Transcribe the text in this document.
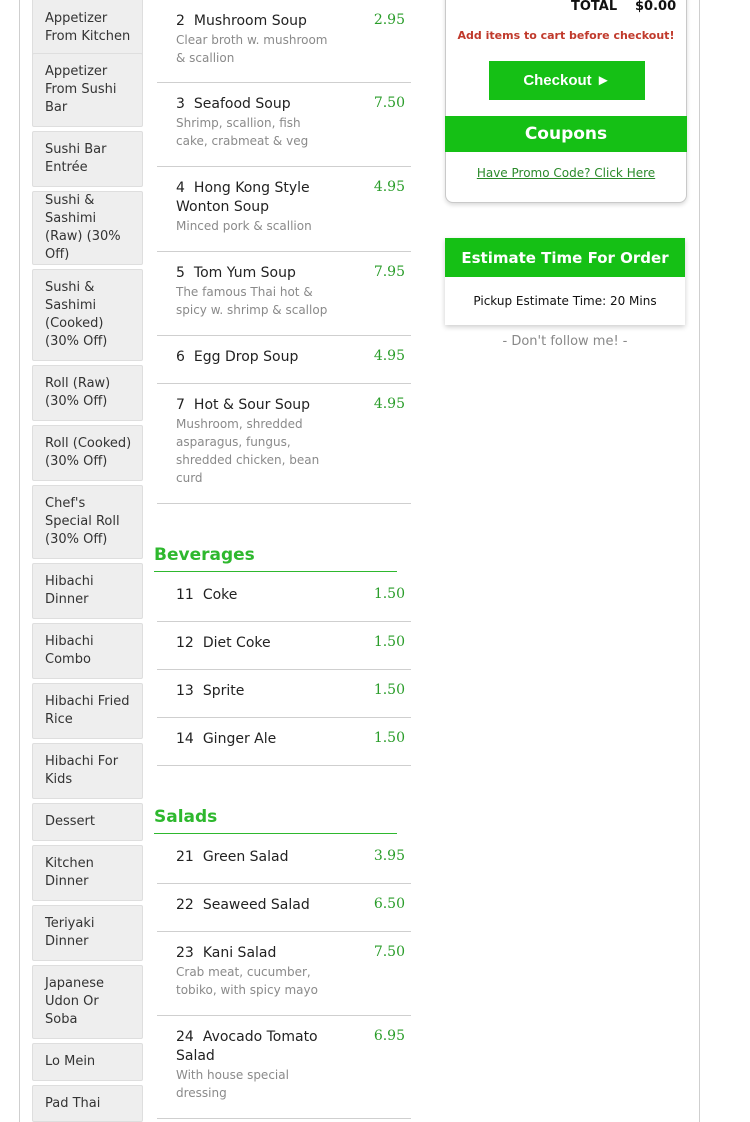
Appetizer From Kitchen
Appetizer From Sushi Bar
Sushi Bar Entrée
Sushi & Sashimi (Raw) (30% Off)
Sushi & Sashimi (Cooked) (30% Off)
Roll (Raw) (30% Off)
Roll (Cooked) (30% Off)
Chef's Special Roll (30% Off)
Hibachi Dinner
Hibachi Combo
Hibachi Fried Rice
Hibachi For Kids
Dessert
Kitchen Dinner
Teriyaki Dinner
Japanese Udon Or Soba
Lo Mein
Pad Thai
2 Mushroom Soup
Clear broth w. mushroom & scallion
2.95
3 Seafood Soup
Shrimp, scallion, fish cake, crabmeat & veg
7.50
4 Hong Kong Style Wonton Soup
Minced pork & scallion
4.95
5 Tom Yum Soup
The famous Thai hot & spicy w. shrimp & scallop
7.95
6 Egg Drop Soup	4.95
7 Hot & Sour Soup
Mushroom, shredded asparagus, fungus, shredded chicken, bean curd
4.95
Beverages
11 Coke	1.50
12 Diet Coke	1.50
13 Sprite	1.50
14 Ginger Ale	1.50
Salads
21 Green Salad	3.95
22 Seaweed Salad	6.50
23 Kani Salad
Crab meat, cucumber, tobiko, with spicy mayo
7.50
24 Avocado Tomato Salad
With house special dressing
6.95
TOTAL $0.00
Add items to cart before checkout!
Checkout ►
Coupons
Have Promo Code? Click Here
Estimate Time For Order
Pickup Estimate Time: 20 Mins
- Don't follow me! -
